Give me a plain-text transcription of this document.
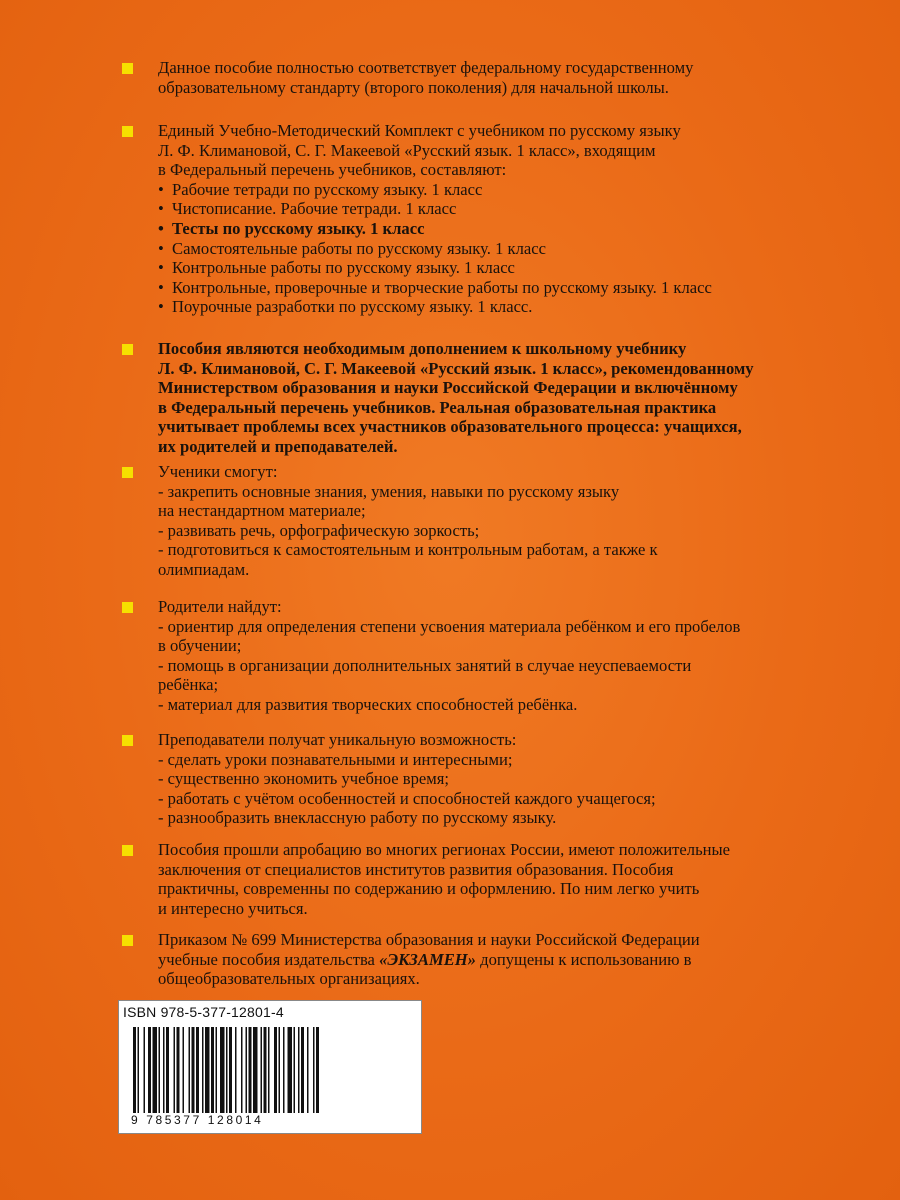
Данное пособие полностью соответствует федеральному государственному
образовательному стандарту (второго поколения) для начальной школы.
Единый Учебно-Методический Комплект с учебником по русскому языку
Л. Ф. Климановой, С. Г. Макеевой «Русский язык. 1 класс», входящим
в Федеральный перечень учебников, составляют:
• Рабочие тетради по русскому языку. 1 класс
• Чистописание. Рабочие тетради. 1 класс
• Тесты по русскому языку. 1 класс
• Самостоятельные работы по русскому языку. 1 класс
• Контрольные работы по русскому языку. 1 класс
• Контрольные, проверочные и творческие работы по русскому языку. 1 класс
• Поурочные разработки по русскому языку. 1 класс.
Пособия являются необходимым дополнением к школьному учебнику
Л. Ф. Климановой, С. Г. Макеевой «Русский язык. 1 класс», рекомендованному
Министерством образования и науки Российской Федерации и включённому
в Федеральный перечень учебников. Реальная образовательная практика
учитывает проблемы всех участников образовательного процесса: учащихся,
их родителей и преподавателей.
Ученики смогут:
- закрепить основные знания, умения, навыки по русскому языку
на нестандартном материале;
- развивать речь, орфографическую зоркость;
- подготовиться к самостоятельным и контрольным работам, а также к
олимпиадам.
Родители найдут:
- ориентир для определения степени усвоения материала ребёнком и его пробелов
в обучении;
- помощь в организации дополнительных занятий в случае неуспеваемости
ребёнка;
- материал для развития творческих способностей ребёнка.
Преподаватели получат уникальную возможность:
- сделать уроки познавательными и интересными;
- существенно экономить учебное время;
- работать с учётом особенностей и способностей каждого учащегося;
- разнообразить внеклассную работу по русскому языку.
Пособия прошли апробацию во многих регионах России, имеют положительные
заключения от специалистов институтов развития образования. Пособия
практичны, современны по содержанию и оформлению. По ним легко учить
и интересно учиться.
Приказом № 699 Министерства образования и науки Российской Федерации
учебные пособия издательства «ЭКЗАМЕН» допущены к использованию в
общеобразовательных организациях.
ISBN 978-5-377-12801-4
9 785377 128014
